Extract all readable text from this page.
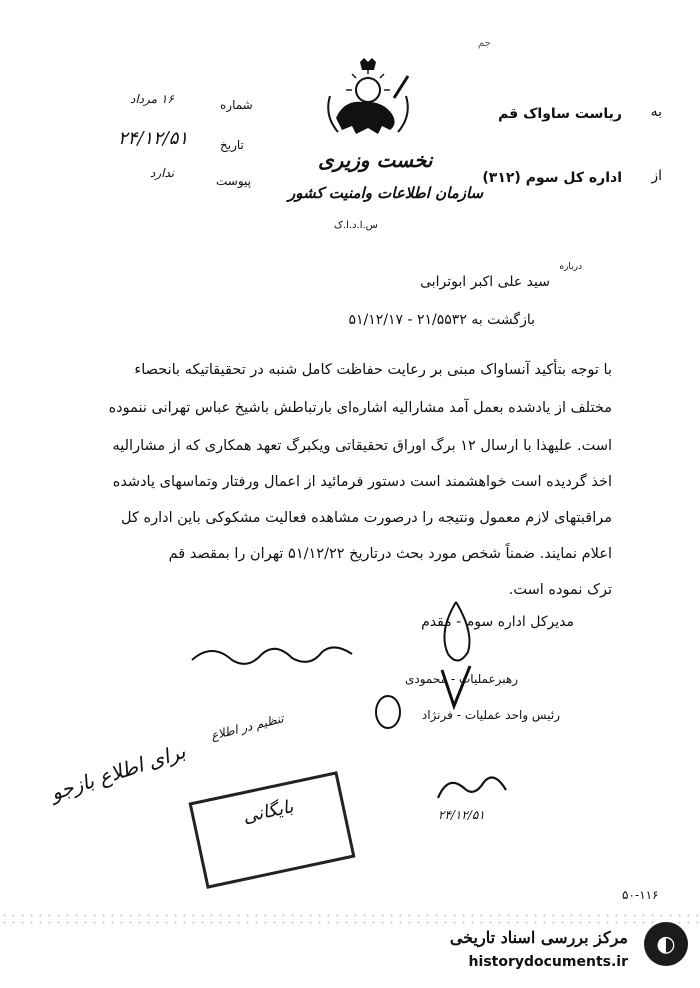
جم
به
ریاست ساواک قم
از
اداره کل سوم (۳۱۲)
شماره
۱۶ مرداد
تاریخ
۲۴/۱۲/۵۱
پیوست
ندارد
نخست وزیری
سازمان اطلاعات وامنیت کشور
س.ا.د.ا.ک
درباره
سید علی اکبر ابوترابی
بازگشت به ۲۱/۵۵۳۲ - ۵۱/۱۲/۱۷
با توجه بتأکید آنساواک مبنی بر رعایت حفاظت کامل شنبه در تحقیقاتیکه بانحصاء
مختلف از یادشده بعمل آمد مشارالیه اشاره‌ای بارتباطش باشیخ عباس تهرانی ننموده
است. علیهذا با ارسال ۱۲ برگ اوراق تحقیقاتی ویکبرگ تعهد همکاری که از مشارالیه
اخذ گردیده است خواهشمند است دستور فرمائید از اعمال ورفتار وتماسهای یادشده
مراقبتهای لازم معمول ونتیجه را درصورت مشاهده فعالیت مشکوکی باین اداره کل
اعلام نمایند. ضمناً شخص مورد بحث درتاریخ ۵۱/۱۲/۲۲ تهران را بمقصد قم
ترک نموده است.
مدیرکل اداره سوم - مقدم
رهبرعملیات - محمودی
رئیس واحد عملیات - فرنژاد
تنظیم در اطلاع
۲۴/۱۲/۵۱
برای اطلاع بازجو
بایگانی
۵۰-۱۱۶
مرکز بررسی اسناد تاریخی
historydocuments.ir
◐
